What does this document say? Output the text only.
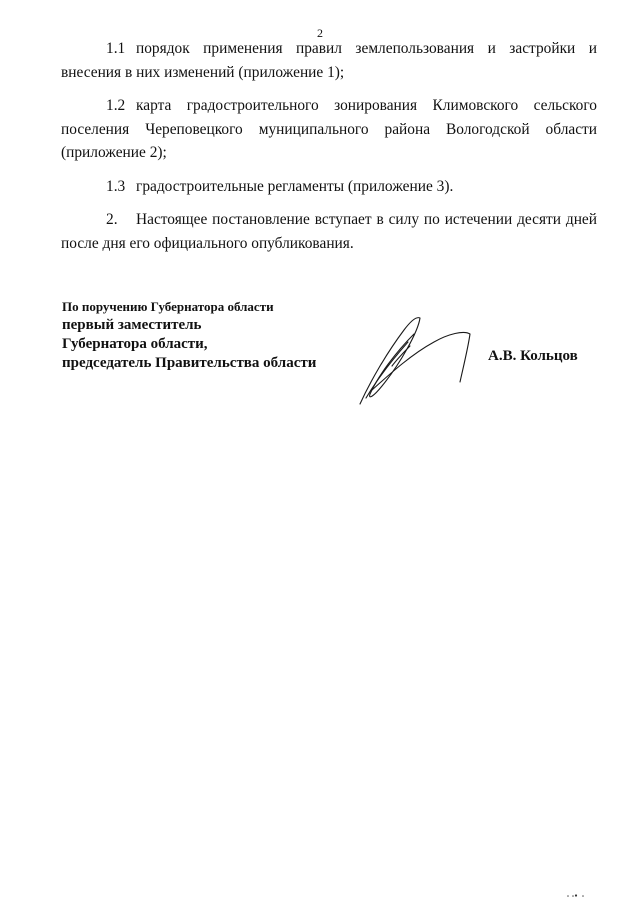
2

1.1 порядок применения правил землепользования и застройки и внесения в них изменений (приложение 1);

1.2 карта градостроительного зонирования Климовского сельского поселения Череповецкого муниципального района Вологодской области (приложение 2);

1.3 градостроительные регламенты (приложение 3).

2. Настоящее постановление вступает в силу по истечении десяти дней после дня его официального опубликования.

По поручению Губернатора области
первый заместитель
Губернатора области,
председатель Правительства области	А.В. Кольцов
